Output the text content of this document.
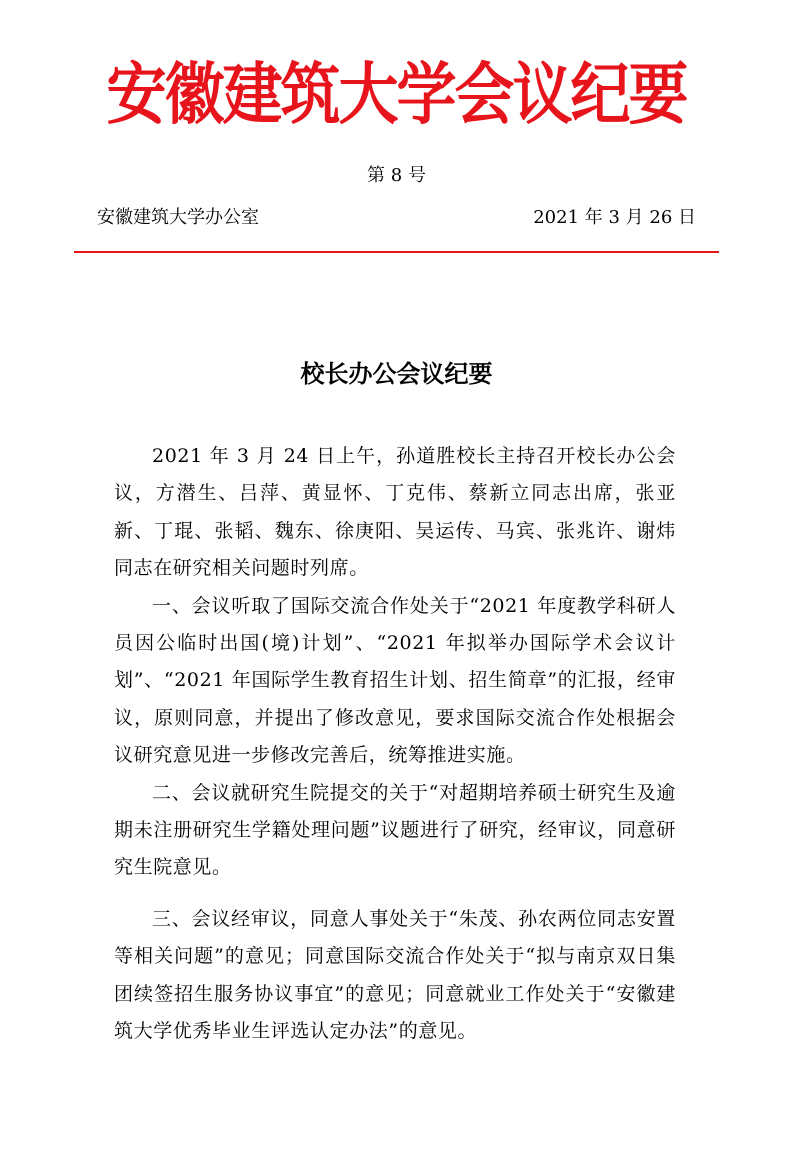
安徽建筑大学会议纪要
第 8 号
安徽建筑大学办公室	2021 年 3 月 26 日
校长办公会议纪要

2021 年 3 月 24 日上午，孙道胜校长主持召开校长办公会议，方潜生、吕萍、黄显怀、丁克伟、蔡新立同志出席，张亚新、丁琨、张韬、魏东、徐庚阳、吴运传、马宾、张兆许、谢炜同志在研究相关问题时列席。

一、会议听取了国际交流合作处关于“2021 年度教学科研人员因公临时出国(境)计划”、“2021 年拟举办国际学术会议计划”、“2021 年国际学生教育招生计划、招生简章”的汇报，经审议，原则同意，并提出了修改意见，要求国际交流合作处根据会议研究意见进一步修改完善后，统筹推进实施。

二、会议就研究生院提交的关于“对超期培养硕士研究生及逾期未注册研究生学籍处理问题”议题进行了研究，经审议，同意研究生院意见。

三、会议经审议，同意人事处关于“朱茂、孙农两位同志安置等相关问题”的意见；同意国际交流合作处关于“拟与南京双日集团续签招生服务协议事宜”的意见；同意就业工作处关于“安徽建筑大学优秀毕业生评选认定办法”的意见。
